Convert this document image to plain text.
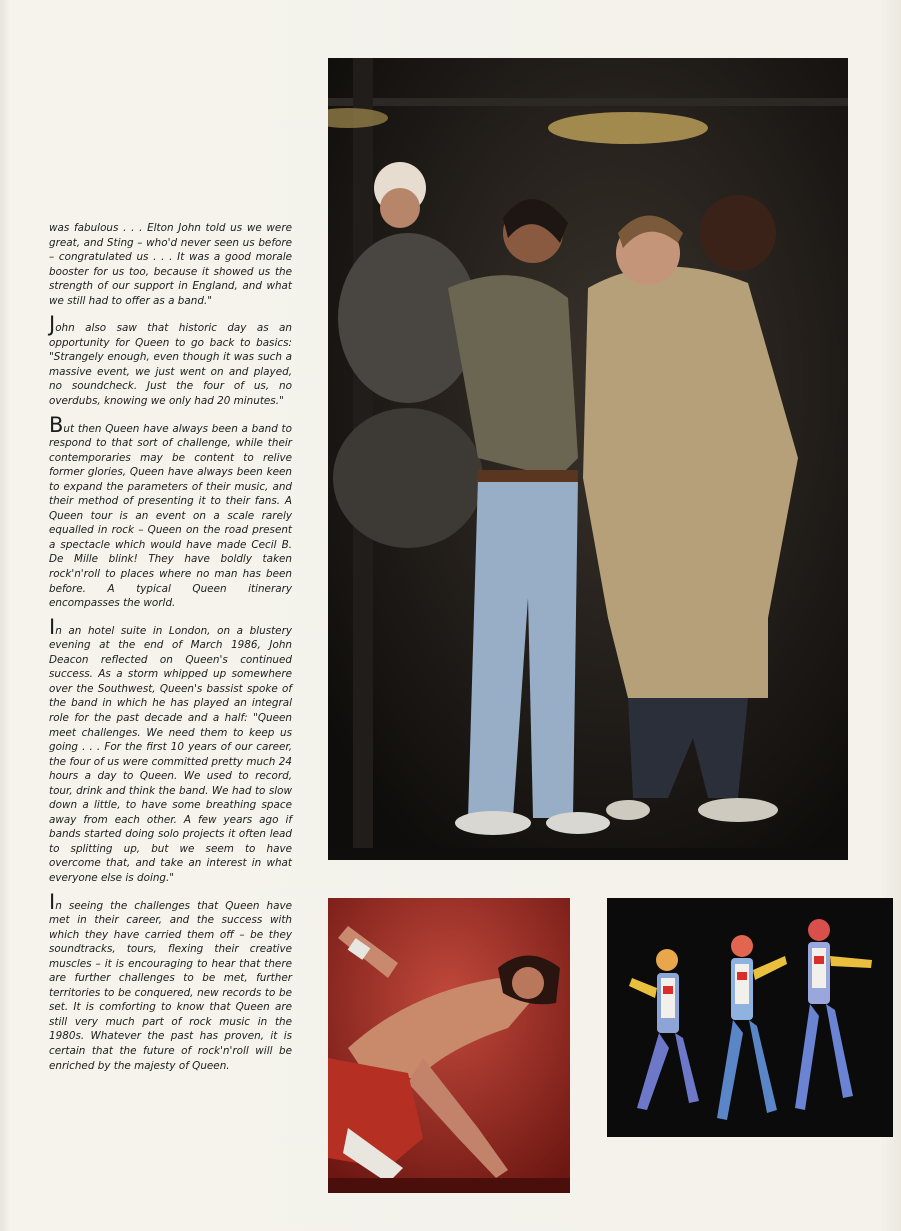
was fabulous . . . Elton John told us we were great, and Sting – who'd never seen us before – congratulated us . . . It was a good morale booster for us too, because it showed us the strength of our support in England, and what we still had to offer as a band."

John also saw that historic day as an opportunity for Queen to go back to basics: "Strangely enough, even though it was such a massive event, we just went on and played, no soundcheck. Just the four of us, no overdubs, knowing we only had 20 minutes."

But then Queen have always been a band to respond to that sort of challenge, while their contemporaries may be content to relive former glories, Queen have always been keen to expand the parameters of their music, and their method of presenting it to their fans. A Queen tour is an event on a scale rarely equalled in rock – Queen on the road present a spectacle which would have made Cecil B. De Mille blink! They have boldly taken rock'n'roll to places where no man has been before. A typical Queen itinerary encompasses the world.

In an hotel suite in London, on a blustery evening at the end of March 1986, John Deacon reflected on Queen's continued success. As a storm whipped up somewhere over the Southwest, Queen's bassist spoke of the band in which he has played an integral role for the past decade and a half: "Queen meet challenges. We need them to keep us going . . . For the first 10 years of our career, the four of us were committed pretty much 24 hours a day to Queen. We used to record, tour, drink and think the band. We had to slow down a little, to have some breathing space away from each other. A few years ago if bands started doing solo projects it often lead to splitting up, but we seem to have overcome that, and take an interest in what everyone else is doing."

In seeing the challenges that Queen have met in their career, and the success with which they have carried them off – be they soundtracks, tours, flexing their creative muscles – it is encouraging to hear that there are further challenges to be met, further territories to be conquered, new records to be set. It is comforting to know that Queen are still very much part of rock music in the 1980s. Whatever the past has proven, it is certain that the future of rock'n'roll will be enriched by the majesty of Queen.
